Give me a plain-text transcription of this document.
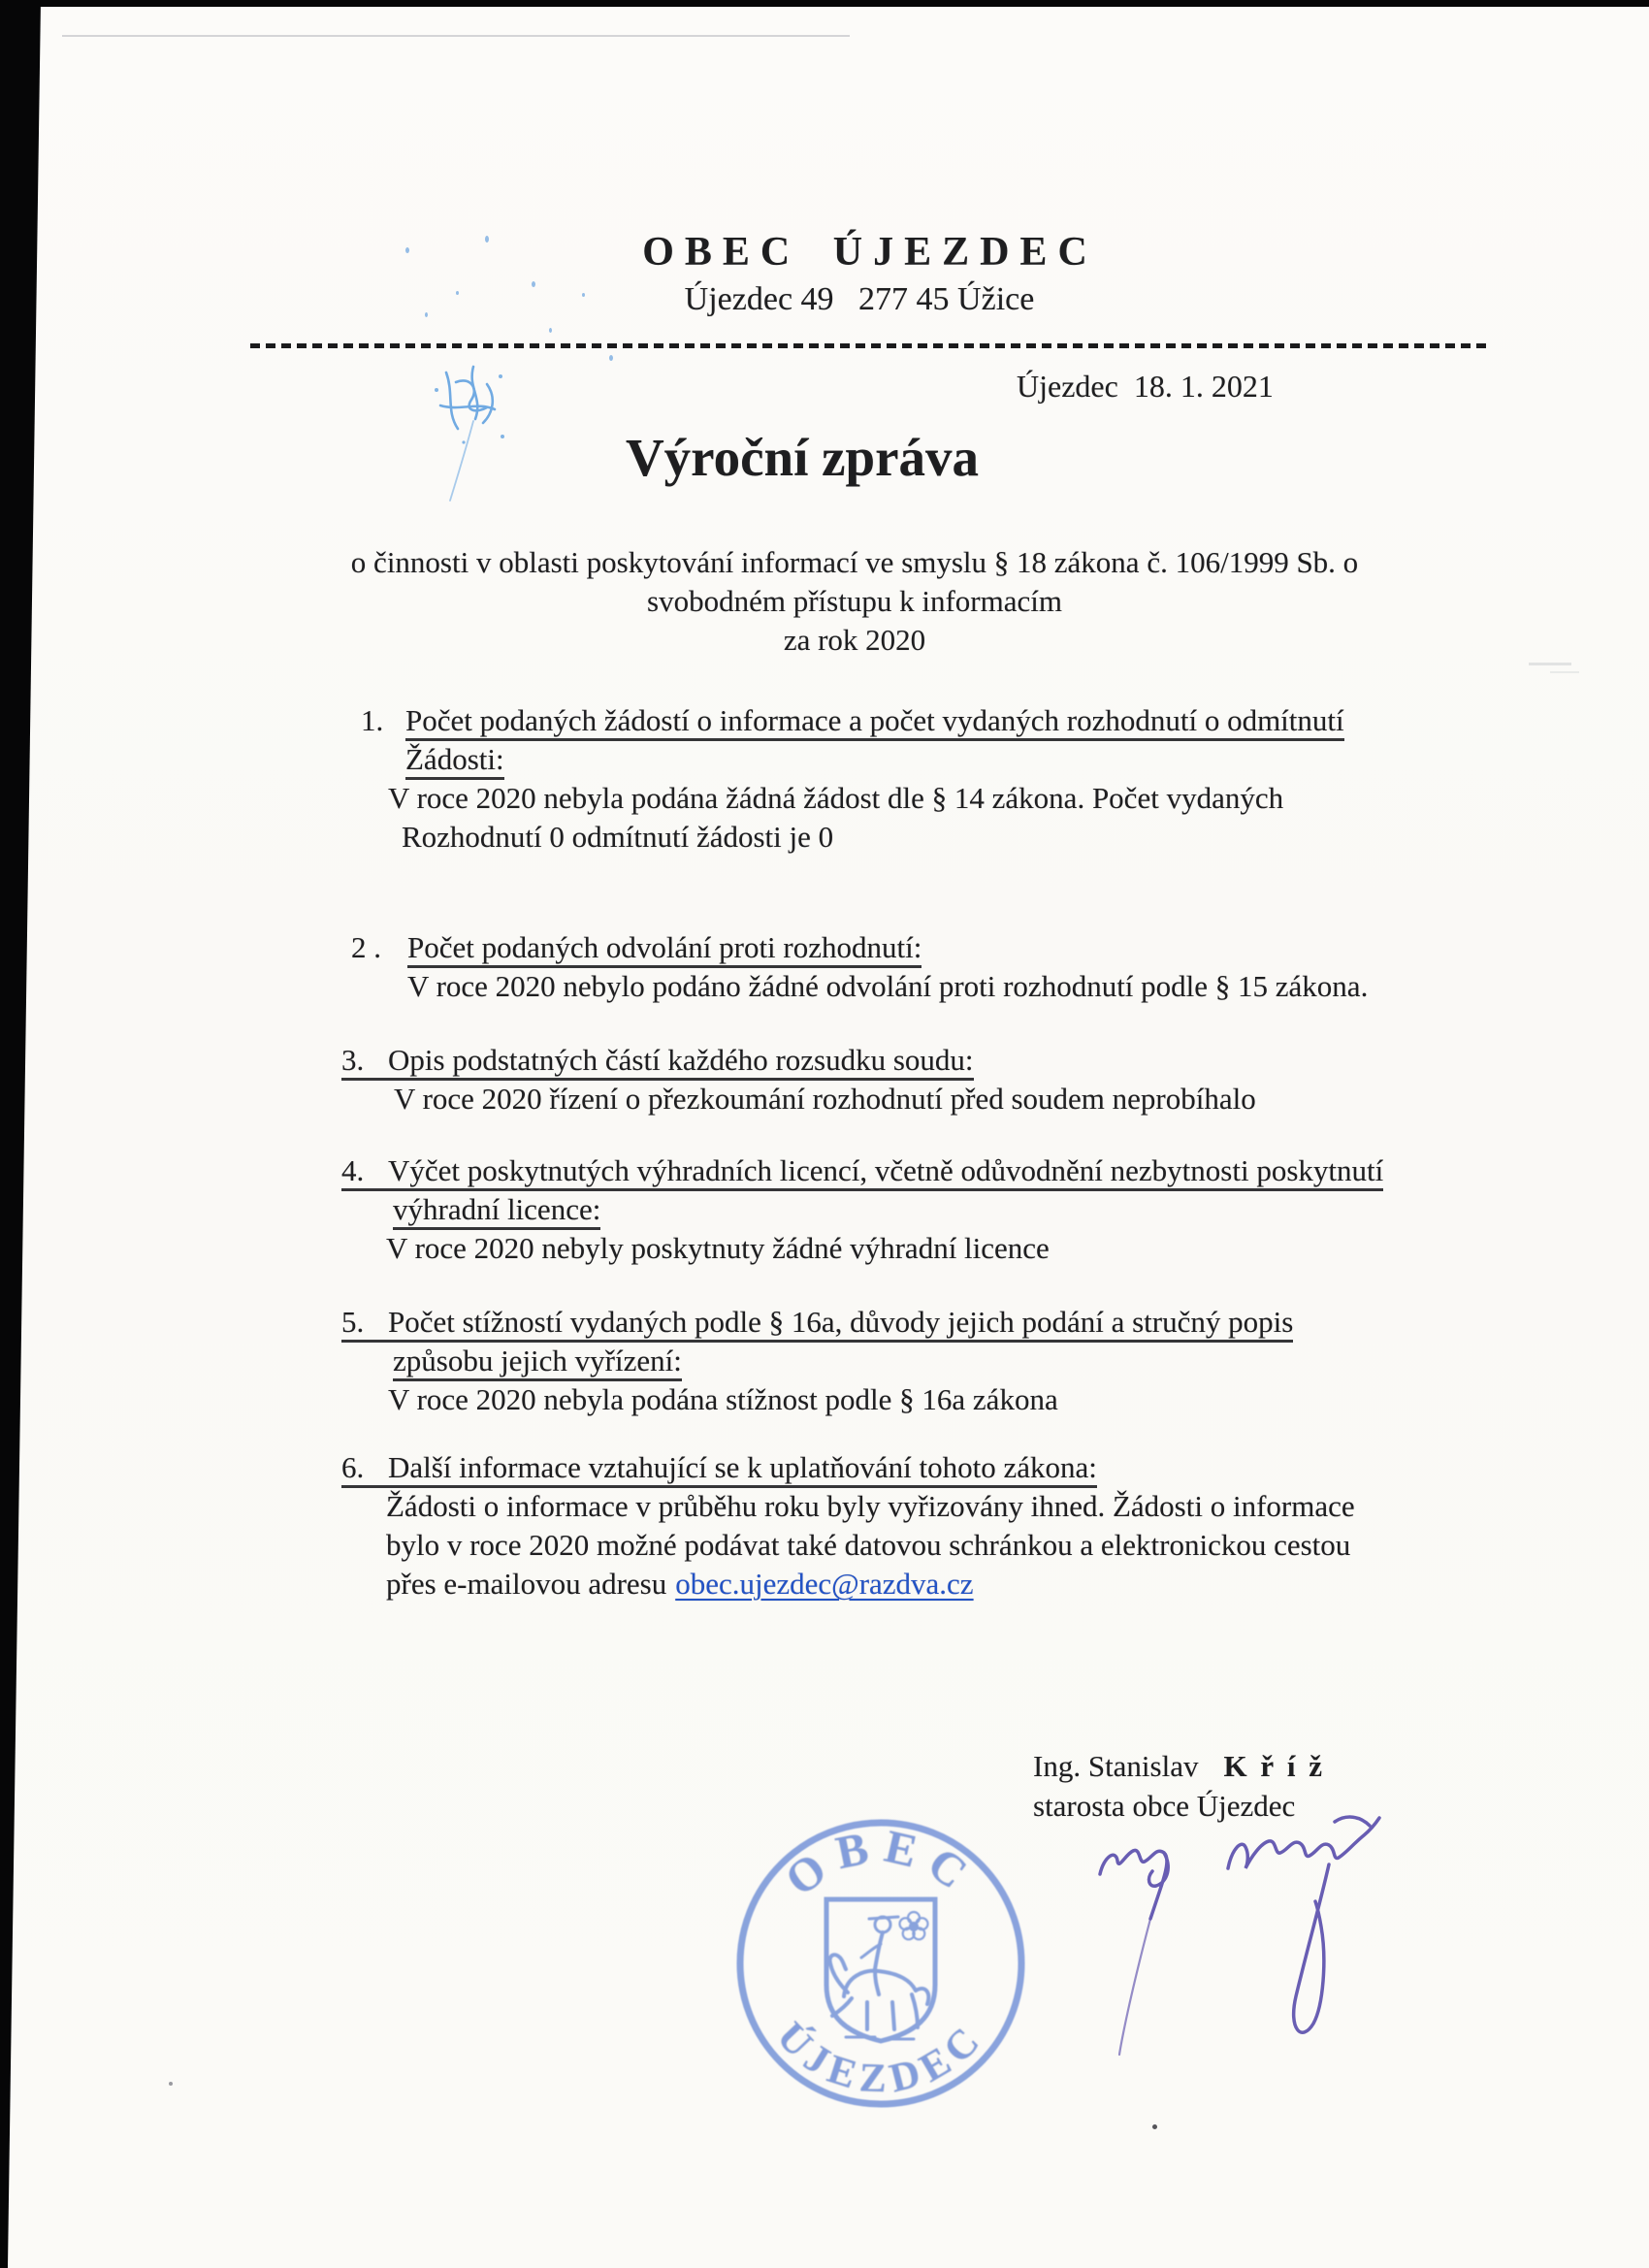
OBEC ÚJEZDEC
Újezdec 49   277 45 Úžice
Újezdec  18. 1. 2021
Výroční zpráva
o činnosti v oblasti poskytování informací ve smyslu § 18 zákona č. 106/1999 Sb. o
svobodném přístupu k informacím
za rok 2020
1. Počet podaných žádostí o informace a počet vydaných rozhodnutí o odmítnutí
Žádosti:
V roce 2020 nebyla podána žádná žádost dle § 14 zákona. Počet vydaných
Rozhodnutí 0 odmítnutí žádosti je 0
2 . Počet podaných odvolání proti rozhodnutí:
V roce 2020 nebylo podáno žádné odvolání proti rozhodnutí podle § 15 zákona.
3. Opis podstatných částí každého rozsudku soudu:
V roce 2020 řízení o přezkoumání rozhodnutí před soudem neprobíhalo
4. Výčet poskytnutých výhradních licencí, včetně odůvodnění nezbytnosti poskytnutí
výhradní licence:
V roce 2020 nebyly poskytnuty žádné výhradní licence
5. Počet stížností vydaných podle § 16a, důvody jejich podání a stručný popis
způsobu jejich vyřízení:
V roce 2020 nebyla podána stížnost podle § 16a zákona
6. Další informace vztahující se k uplatňování tohoto zákona:
Žádosti o informace v průběhu roku byly vyřizovány ihned. Žádosti o informace
bylo v roce 2020 možné podávat také datovou schránkou a elektronickou cestou
přes e-mailovou adresu obec.ujezdec@razdva.cz
Ing. Stanislav K ř í ž
starosta obce Újezdec
OBEC
ÚJEZDEC
